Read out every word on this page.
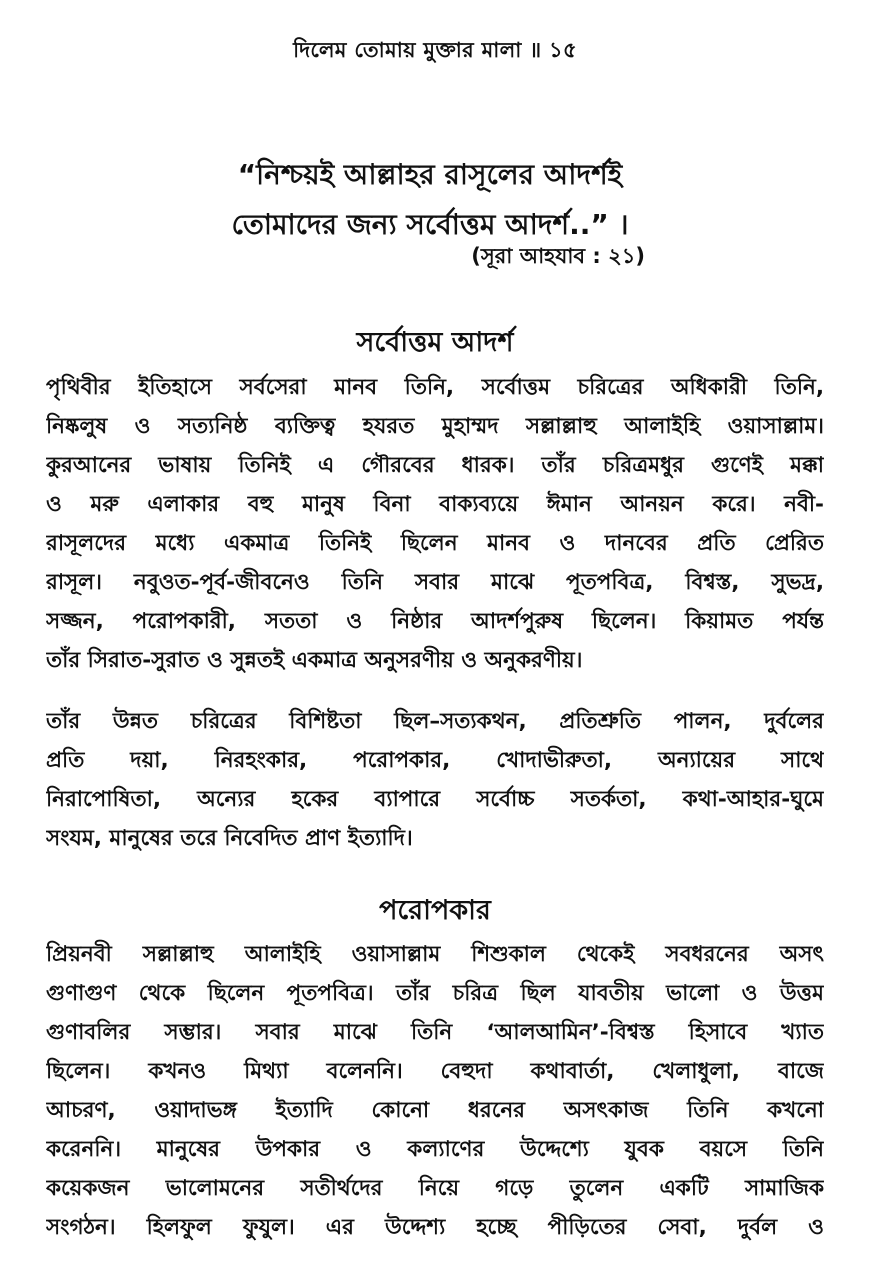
দিলেম তোমায় মুক্তার মালা ॥ ১৫
“নিশ্চয়ই আল্লাহর রাসূলের আদর্শই
তোমাদের জন্য সর্বোত্তম আদর্শ..” ।
(সূরা আহযাব : ২১)
সর্বোত্তম আদর্শ
পৃথিবীর ইতিহাসে সর্বসেরা মানব তিনি, সর্বোত্তম চরিত্রের অধিকারী তিনি,
নিষ্কলুষ ও সত্যনিষ্ঠ ব্যক্তিত্ব হযরত মুহাম্মদ সল্লাল্লাহু আলাইহি ওয়াসাল্লাম।
কুরআনের ভাষায় তিনিই এ গৌরবের ধারক। তাঁর চরিত্রমধুর গুণেই মক্কা
ও মরু এলাকার বহু মানুষ বিনা বাক্যব্যয়ে ঈমান আনয়ন করে। নবী-
রাসূলদের মধ্যে একমাত্র তিনিই ছিলেন মানব ও দানবের প্রতি প্রেরিত
রাসূল। নবুওত-পূর্ব-জীবনেও তিনি সবার মাঝে পূতপবিত্র, বিশ্বস্ত, সুভদ্র,
সজ্জন, পরোপকারী, সততা ও নিষ্ঠার আদর্শপুরুষ ছিলেন। কিয়ামত পর্যন্ত
তাঁর সিরাত-সুরাত ও সুন্নতই একমাত্র অনুসরণীয় ও অনুকরণীয়।
তাঁর উন্নত চরিত্রের বিশিষ্টতা ছিল–সত্যকথন, প্রতিশ্রুতি পালন, দুর্বলের
প্রতি দয়া, নিরহংকার, পরোপকার, খোদাভীরুতা, অন্যায়ের সাথে
নিরাপোষিতা, অন্যের হকের ব্যাপারে সর্বোচ্চ সতর্কতা, কথা-আহার-ঘুমে
সংযম, মানুষের তরে নিবেদিত প্রাণ ইত্যাদি।
পরোপকার
প্রিয়নবী সল্লাল্লাহু আলাইহি ওয়াসাল্লাম শিশুকাল থেকেই সবধরনের অসৎ
গুণাগুণ থেকে ছিলেন পূতপবিত্র। তাঁর চরিত্র ছিল যাবতীয় ভালো ও উত্তম
গুণাবলির সম্ভার। সবার মাঝে তিনি ‘আলআমিন’-বিশ্বস্ত হিসাবে খ্যাত
ছিলেন। কখনও মিথ্যা বলেননি। বেহুদা কথাবার্তা, খেলাধুলা, বাজে
আচরণ, ওয়াদাভঙ্গ ইত্যাদি কোনো ধরনের অসৎকাজ তিনি কখনো
করেননি। মানুষের উপকার ও কল্যাণের উদ্দেশ্যে যুবক বয়সে তিনি
কয়েকজন ভালোমনের সতীর্থদের নিয়ে গড়ে তুলেন একটি সামাজিক
সংগঠন। হিলফুল ফুযুল। এর উদ্দেশ্য হচ্ছে পীড়িতের সেবা, দুর্বল ও
